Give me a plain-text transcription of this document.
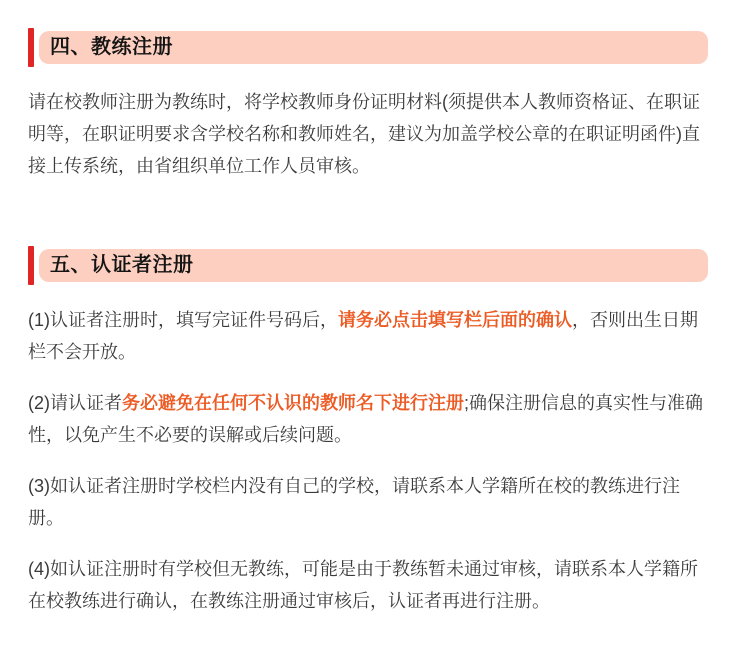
四、教练注册

请在校教师注册为教练时，将学校教师身份证明材料(须提供本人教师资格证、在职证明等，在职证明要求含学校名称和教师姓名，建议为加盖学校公章的在职证明函件)直接上传系统，由省组织单位工作人员审核。

五、认证者注册

(1)认证者注册时，填写完证件号码后，请务必点击填写栏后面的确认，否则出生日期栏不会开放。

(2)请认证者务必避免在任何不认识的教师名下进行注册;确保注册信息的真实性与准确性，以免产生不必要的误解或后续问题。

(3)如认证者注册时学校栏内没有自己的学校，请联系本人学籍所在校的教练进行注册。

(4)如认证注册时有学校但无教练，可能是由于教练暂未通过审核，请联系本人学籍所在校教练进行确认，在教练注册通过审核后，认证者再进行注册。
